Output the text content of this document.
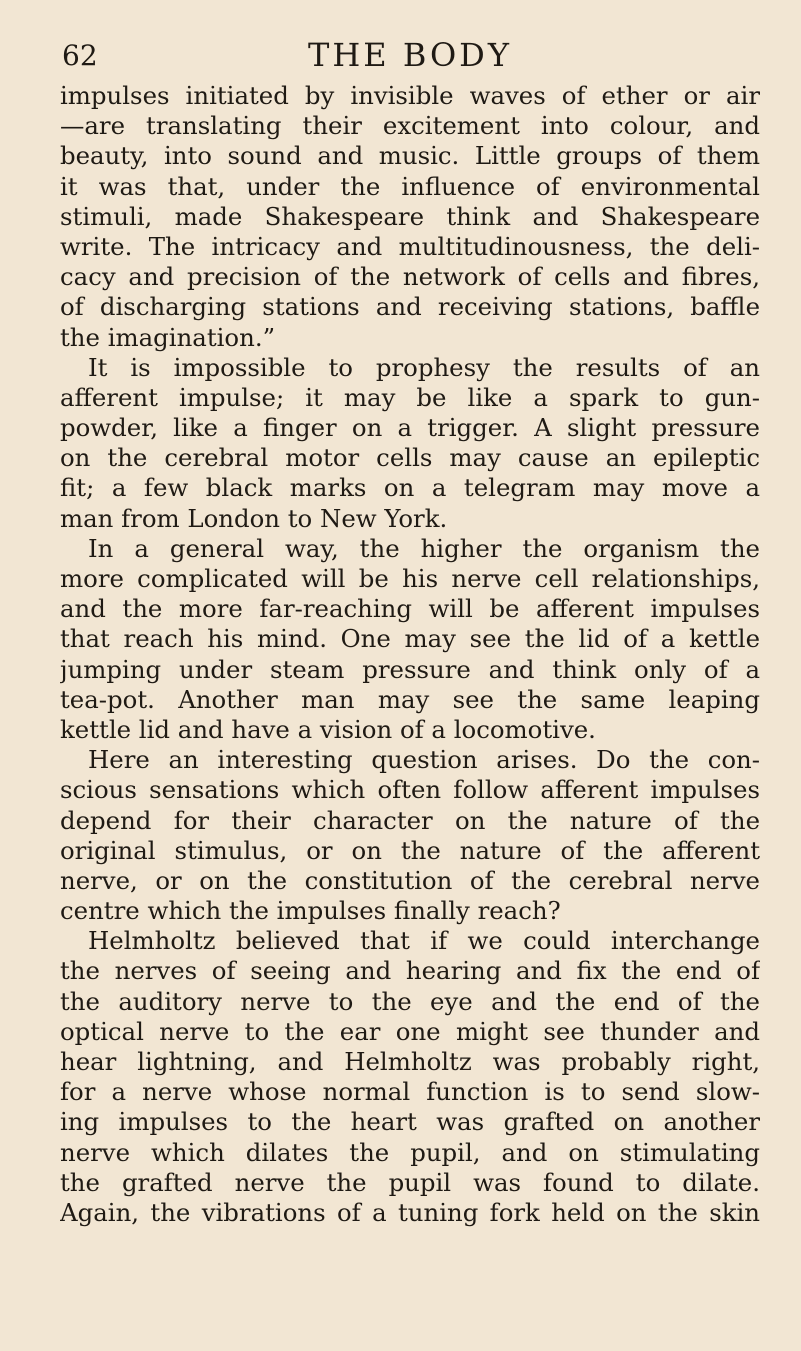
62	THE BODY
impulses initiated by invisible waves of ether or air
—are translating their excitement into colour, and
beauty, into sound and music. Little groups of them
it was that, under the influence of environmental
stimuli, made Shakespeare think and Shakespeare
write. The intricacy and multitudinousness, the deli-
cacy and precision of the network of cells and fibres,
of discharging stations and receiving stations, baffle
the imagination.”
It is impossible to prophesy the results of an
afferent impulse; it may be like a spark to gun-
powder, like a finger on a trigger. A slight pressure
on the cerebral motor cells may cause an epileptic
fit; a few black marks on a telegram may move a
man from London to New York.
In a general way, the higher the organism the
more complicated will be his nerve cell relationships,
and the more far-reaching will be afferent impulses
that reach his mind. One may see the lid of a kettle
jumping under steam pressure and think only of a
tea-pot. Another man may see the same leaping
kettle lid and have a vision of a locomotive.
Here an interesting question arises. Do the con-
scious sensations which often follow afferent impulses
depend for their character on the nature of the
original stimulus, or on the nature of the afferent
nerve, or on the constitution of the cerebral nerve
centre which the impulses finally reach?
Helmholtz believed that if we could interchange
the nerves of seeing and hearing and fix the end of
the auditory nerve to the eye and the end of the
optical nerve to the ear one might see thunder and
hear lightning, and Helmholtz was probably right,
for a nerve whose normal function is to send slow-
ing impulses to the heart was grafted on another
nerve which dilates the pupil, and on stimulating
the grafted nerve the pupil was found to dilate.
Again, the vibrations of a tuning fork held on the skin
